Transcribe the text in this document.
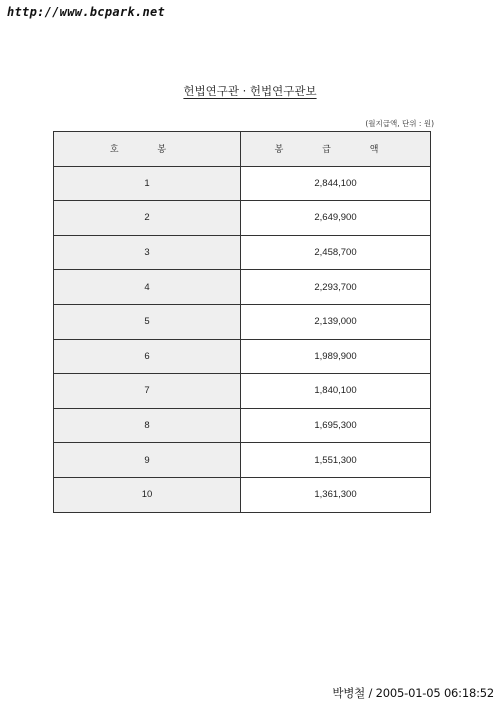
http://www.bcpark.net
헌법연구관 · 헌법연구관보
(월지급액, 단위 : 원)
호 봉	봉 급 액
1	2,844,100
2	2,649,900
3	2,458,700
4	2,293,700
5	2,139,000
6	1,989,900
7	1,840,100
8	1,695,300
9	1,551,300
10	1,361,300
박병철 / 2005-01-05 06:18:52
